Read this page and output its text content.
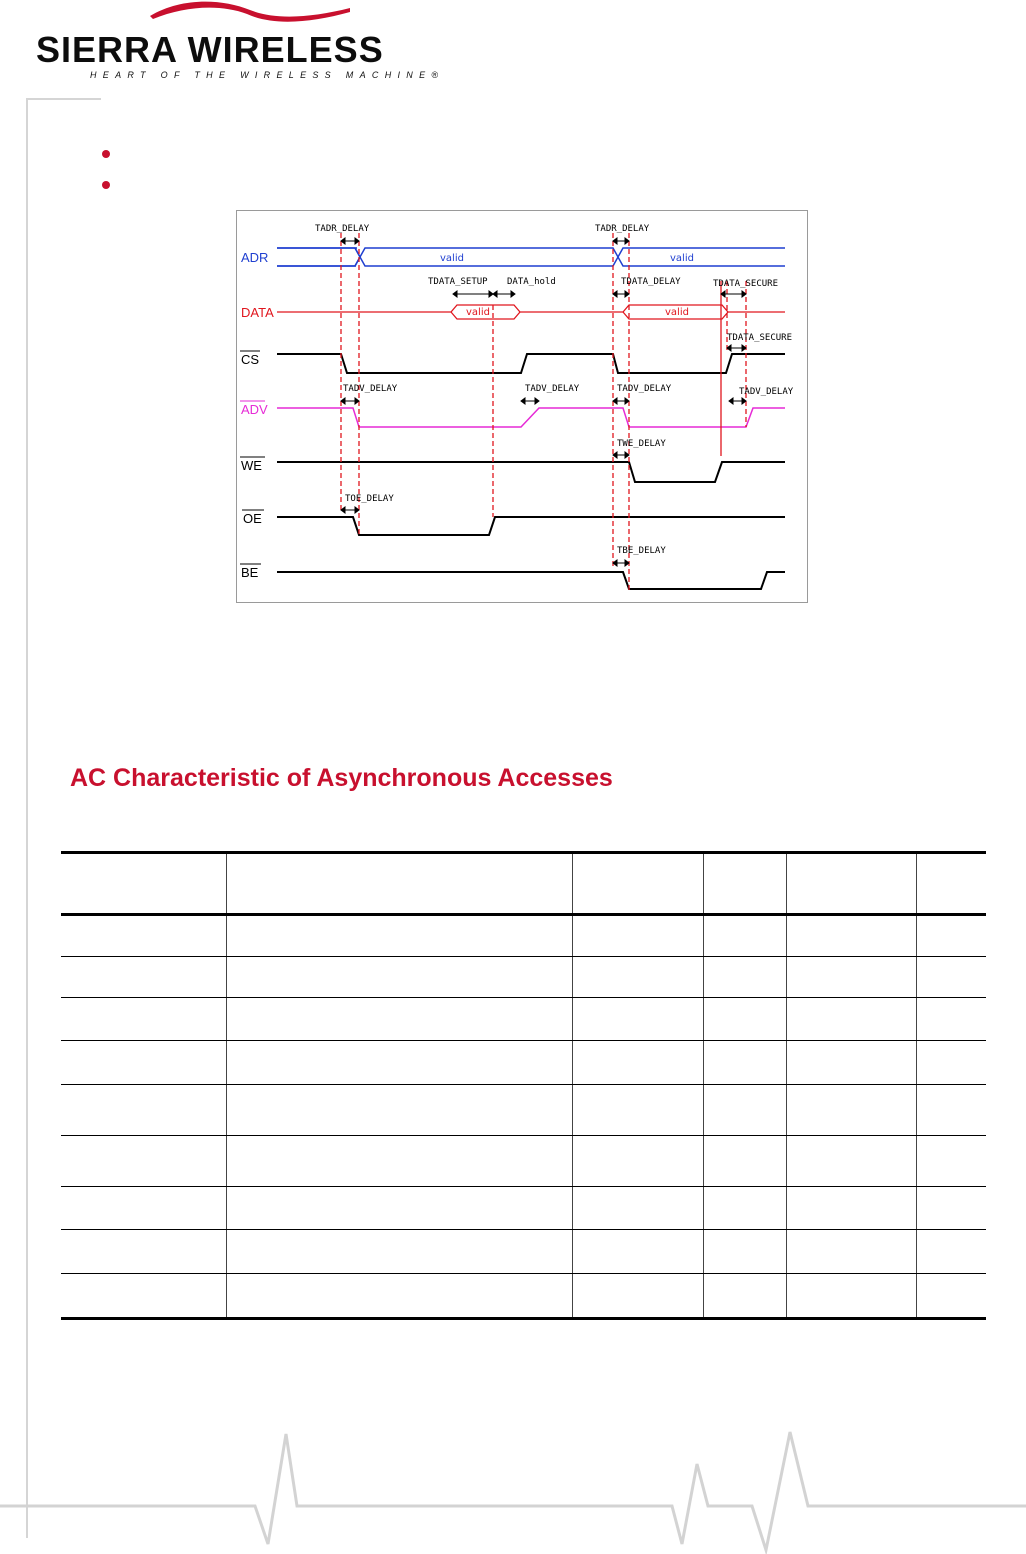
SIERRA WIRELESS
HEART OF THE WIRELESS MACHINE®
ADR
DATA
CS
ADV
WE
OE
BE
valid	valid
valid	valid
TADR_DELAY	TADR_DELAY
TDATA_SETUP DATA_hold	TDATA_DELAY	TDATA_SECURE
TDATA_SECURE
TADV_DELAY	TADV_DELAY	TADV_DELAY	TADV_DELAY
TWE_DELAY
TOE_DELAY
TBE_DELAY
AC Characteristic of Asynchronous Accesses
